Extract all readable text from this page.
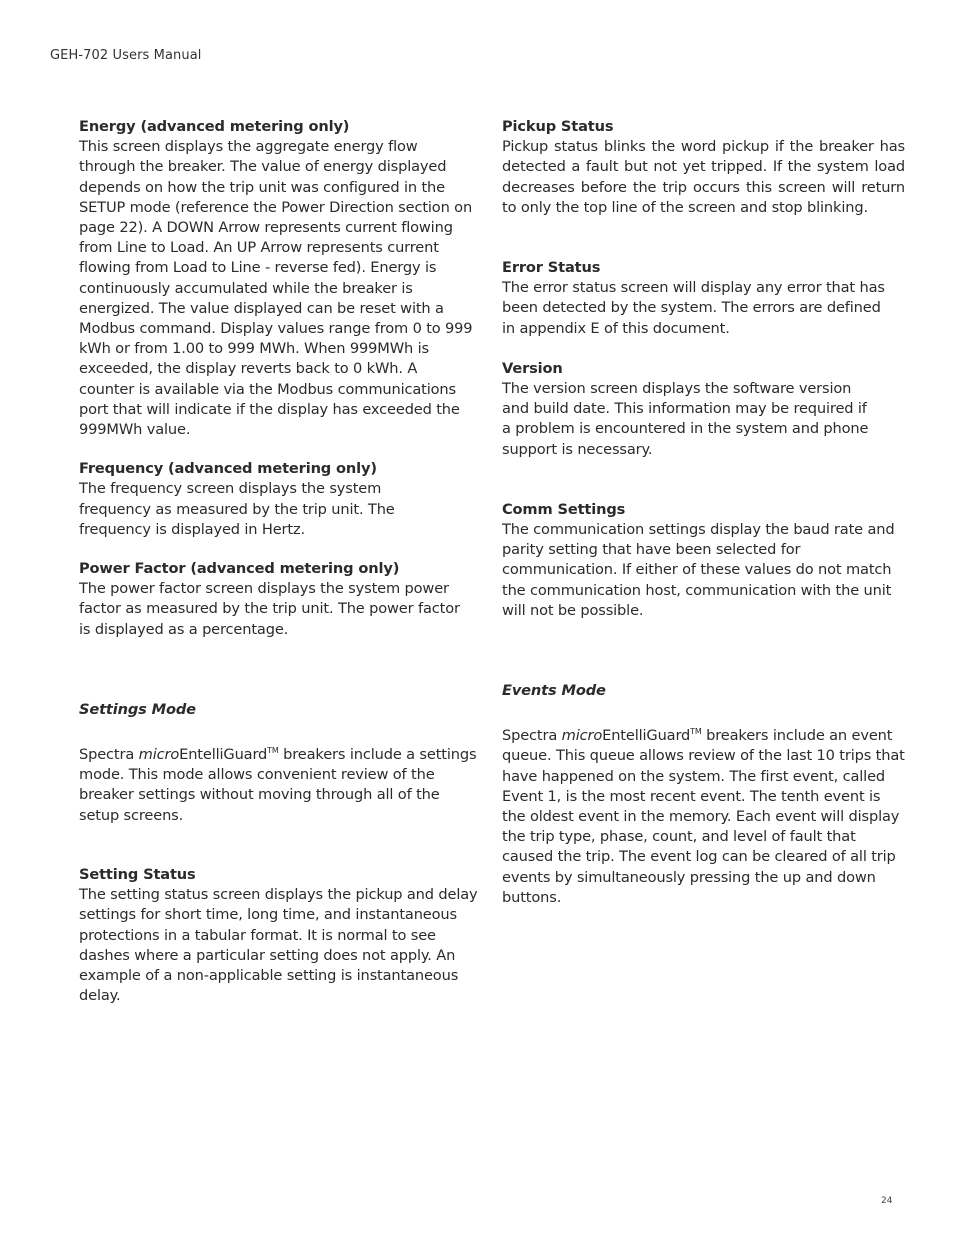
GEH-702 Users Manual
Energy (advanced metering only)

This screen displays the aggregate energy flow through the breaker. The value of energy displayed depends on how the trip unit was configured in the SETUP mode (reference the Power Direction section on page 22). A DOWN Arrow represents current flowing from Line to Load. An UP Arrow represents current flowing from Load to Line - reverse fed). Energy is continuously accumulated while the breaker is energized. The value displayed can be reset with a Modbus command. Display values range from 0 to 999 kWh or from 1.00 to 999 MWh. When 999MWh is exceeded, the display reverts back to 0 kWh. A counter is available via the Modbus communications port that will indicate if the display has exceeded the 999MWh value.

Frequency (advanced metering only)

The frequency screen displays the system frequency as measured by the trip unit. The frequency is displayed in Hertz.

Power Factor (advanced metering only)

The power factor screen displays the system power factor as measured by the trip unit. The power factor is displayed as a percentage.

Settings Mode

Spectra microEntelliGuard™ breakers include a settings mode. This mode allows convenient review of the breaker settings without moving through all of the setup screens.

Setting Status

The setting status screen displays the pickup and delay settings for short time, long time, and instantaneous protections in a tabular format. It is normal to see dashes where a particular setting does not apply. An example of a non-applicable setting is instantaneous delay.

Pickup Status

Pickup status blinks the word pickup if the breaker has detected a fault but not yet tripped. If the system load decreases before the trip occurs this screen will return to only the top line of the screen and stop blinking.

Error Status

The error status screen will display any error that has been detected by the system. The errors are defined in appendix E of this document.

Version

The version screen displays the software version and build date. This information may be required if a problem is encountered in the system and phone support is necessary.

Comm Settings

The communication settings display the baud rate and parity setting that have been selected for communication. If either of these values do not match the communication host, communication with the unit will not be possible.

Events Mode

Spectra microEntelliGuard™ breakers include an event queue. This queue allows review of the last 10 trips that have happened on the system. The first event, called Event 1, is the most recent event. The tenth event is the oldest event in the memory. Each event will display the trip type, phase, count, and level of fault that caused the trip. The event log can be cleared of all trip events by simultaneously pressing the up and down buttons.

24
